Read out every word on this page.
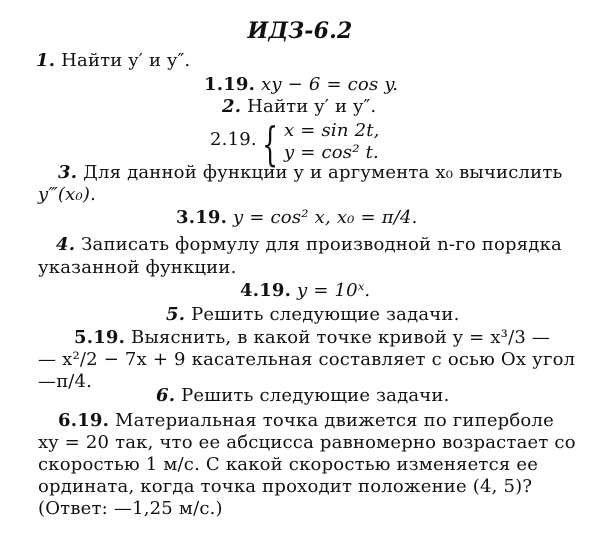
ИДЗ-6.2
1. Найти y′ и y″.
1.19. xy − 6 = cos y.
2. Найти y′ и y″.
2.19. { x = sin 2t,
y = cos² t.
3. Для данной функции y и аргумента x₀ вычислить
y‴(x₀).
3.19. y = cos² x, x₀ = π/4.
4. Записать формулу для производной n-го порядка
указанной функции.
4.19. y = 10ˣ.
5. Решить следующие задачи.
5.19. Выяснить, в какой точке кривой y = x³/3 —
— x²/2 − 7x + 9 касательная составляет с осью Ox угол
—π/4.
6. Решить следующие задачи.
6.19. Материальная точка движется по гиперболе
xy = 20 так, что ее абсцисса равномерно возрастает со
скоростью 1 м/с. С какой скоростью изменяется ее
ордината, когда точка проходит положение (4, 5)?
(Ответ: —1,25 м/с.)
